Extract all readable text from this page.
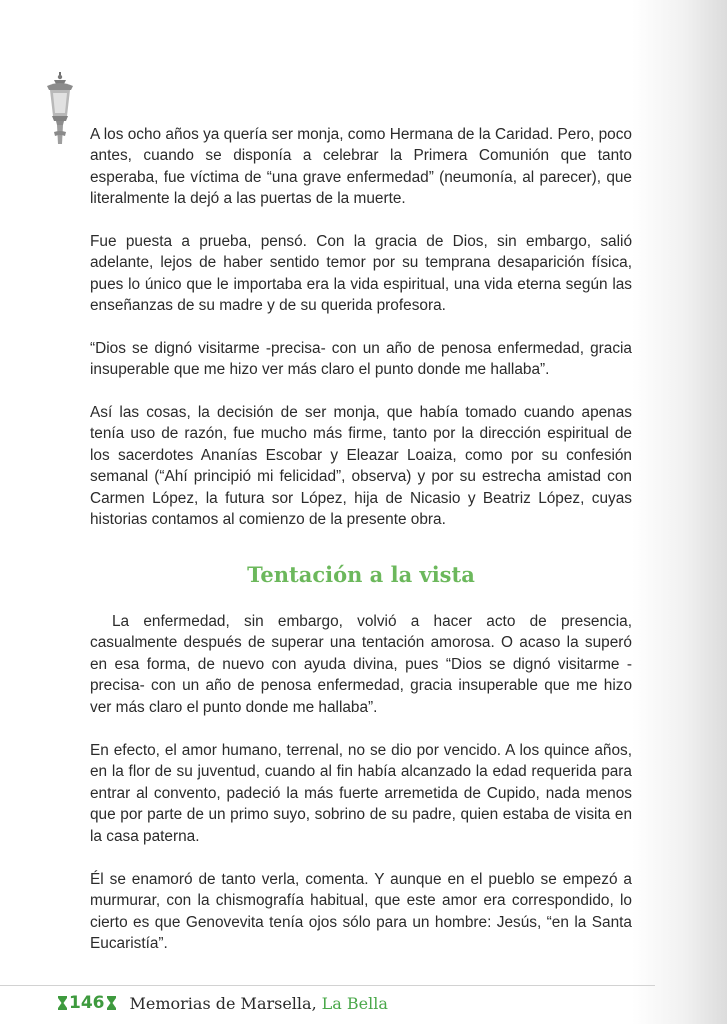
A los ocho años ya quería ser monja, como Hermana de la Caridad. Pero, poco antes, cuando se disponía a celebrar la Primera Comunión que tanto esperaba, fue víctima de “una grave enfermedad” (neumonía, al parecer), que literalmente la dejó a las puertas de la muerte.

Fue puesta a prueba, pensó. Con la gracia de Dios, sin embargo, salió adelante, lejos de haber sentido temor por su temprana desaparición física, pues lo único que le importaba era la vida espiritual, una vida eterna según las enseñanzas de su madre y de su querida profesora.

“Dios se dignó visitarme -precisa- con un año de penosa enfermedad, gracia insuperable que me hizo ver más claro el punto donde me hallaba”.

Así las cosas, la decisión de ser monja, que había tomado cuando apenas tenía uso de razón, fue mucho más firme, tanto por la dirección espiritual de los sacerdotes Ananías Escobar y Eleazar Loaiza, como por su confesión semanal (“Ahí principió mi felicidad”, observa) y por su estrecha amistad con Carmen López, la futura sor López, hija de Nicasio y Beatriz López, cuyas historias contamos al comienzo de la presente obra.

Tentación a la vista

La enfermedad, sin embargo, volvió a hacer acto de presencia, casualmente después de superar una tentación amorosa. O acaso la superó en esa forma, de nuevo con ayuda divina, pues “Dios se dignó visitarme -precisa- con un año de penosa enfermedad, gracia insuperable que me hizo ver más claro el punto donde me hallaba”.

En efecto, el amor humano, terrenal, no se dio por vencido. A los quince años, en la flor de su juventud, cuando al fin había alcanzado la edad requerida para entrar al convento, padeció la más fuerte arremetida de Cupido, nada menos que por parte de un primo suyo, sobrino de su padre, quien estaba de visita en la casa paterna.

Él se enamoró de tanto verla, comenta. Y aunque en el pueblo se empezó a murmurar, con la chismografía habitual, que este amor era correspondido, lo cierto es que Genovevita tenía ojos sólo para un hombre: Jesús, “en la Santa Eucaristía”.

146 Memorias de Marsella, La Bella
